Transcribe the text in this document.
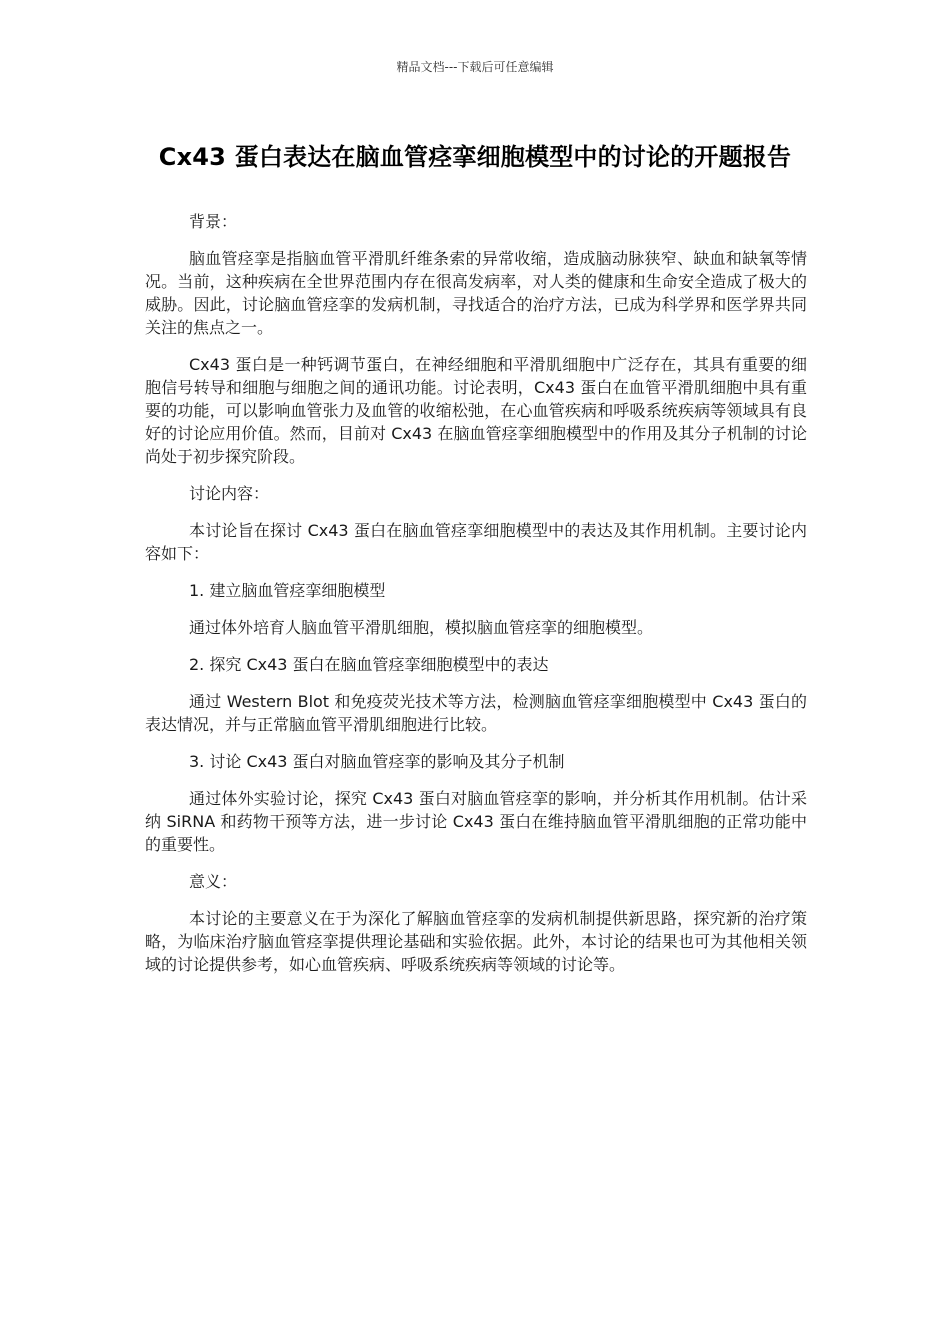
精品文档---下载后可任意编辑
Cx43 蛋白表达在脑血管痉挛细胞模型中的讨论的开题报告

背景：

脑血管痉挛是指脑血管平滑肌纤维条索的异常收缩，造成脑动脉狭窄、缺血和缺氧等情况。当前，这种疾病在全世界范围内存在很高发病率，对人类的健康和生命安全造成了极大的威胁。因此，讨论脑血管痉挛的发病机制，寻找适合的治疗方法，已成为科学界和医学界共同关注的焦点之一。

Cx43 蛋白是一种钙调节蛋白，在神经细胞和平滑肌细胞中广泛存在，其具有重要的细胞信号转导和细胞与细胞之间的通讯功能。讨论表明，Cx43 蛋白在血管平滑肌细胞中具有重要的功能，可以影响血管张力及血管的收缩松弛，在心血管疾病和呼吸系统疾病等领域具有良好的讨论应用价值。然而，目前对 Cx43 在脑血管痉挛细胞模型中的作用及其分子机制的讨论尚处于初步探究阶段。

讨论内容：

本讨论旨在探讨 Cx43 蛋白在脑血管痉挛细胞模型中的表达及其作用机制。主要讨论内容如下：

1. 建立脑血管痉挛细胞模型

通过体外培育人脑血管平滑肌细胞，模拟脑血管痉挛的细胞模型。

2. 探究 Cx43 蛋白在脑血管痉挛细胞模型中的表达

通过 Western Blot 和免疫荧光技术等方法，检测脑血管痉挛细胞模型中 Cx43 蛋白的表达情况，并与正常脑血管平滑肌细胞进行比较。

3. 讨论 Cx43 蛋白对脑血管痉挛的影响及其分子机制

通过体外实验讨论，探究 Cx43 蛋白对脑血管痉挛的影响，并分析其作用机制。估计采纳 SiRNA 和药物干预等方法，进一步讨论 Cx43 蛋白在维持脑血管平滑肌细胞的正常功能中的重要性。

意义：

本讨论的主要意义在于为深化了解脑血管痉挛的发病机制提供新思路，探究新的治疗策略，为临床治疗脑血管痉挛提供理论基础和实验依据。此外，本讨论的结果也可为其他相关领域的讨论提供参考，如心血管疾病、呼吸系统疾病等领域的讨论等。
